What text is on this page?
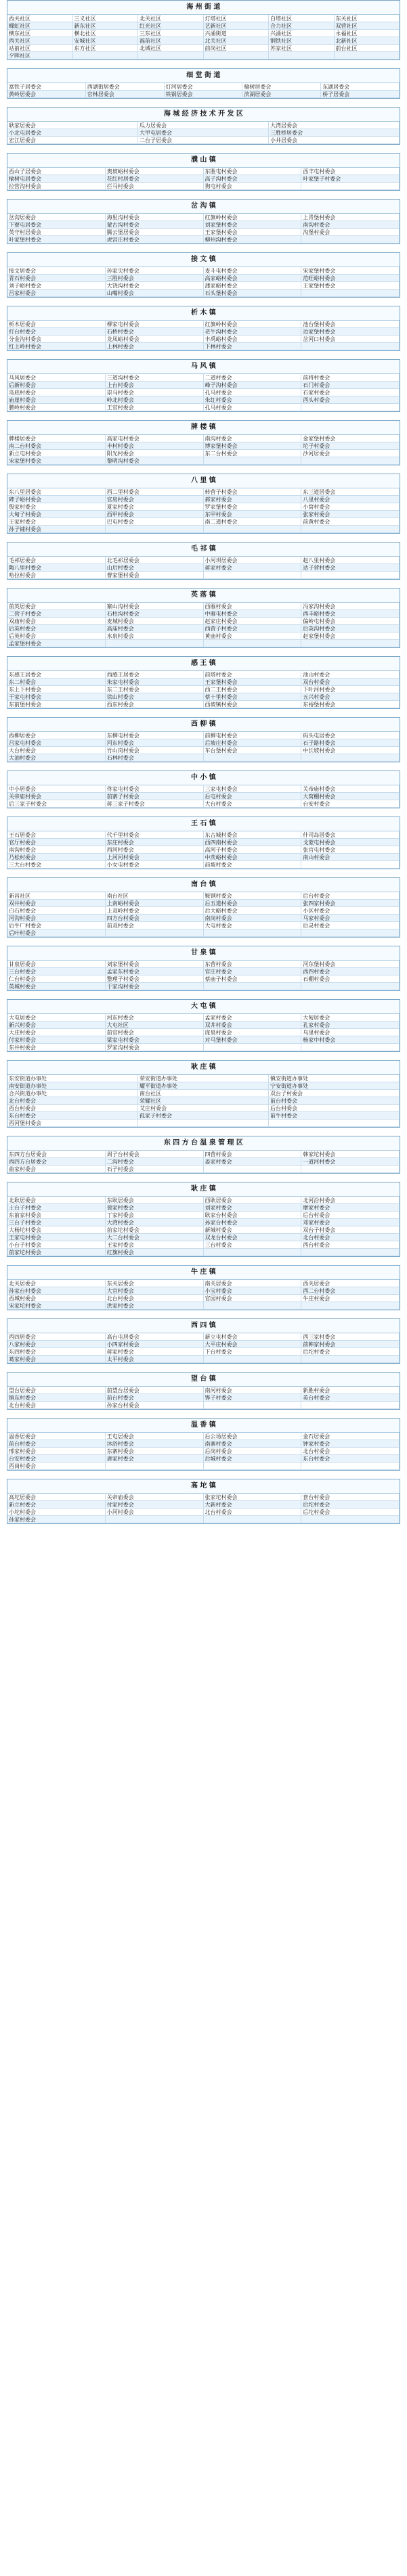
海 州 街 道
西关社区	三义社区	北关社区	灯塔社区	白塔社区	东关社区
蝶虹社区	新东社区	红光社区	艺新社区	合力社区	双营社区
横东社区	横北社区	三东社区	兴涌街道	兴涌社区	永福社区
西关社区	安城社区	福前社区	北关社区	钢铁社区	北新社区
站前社区	东方社区	北城社区	前岗社区	苏家社区	前台社区
夕晖社区
细 堂 街 道
富铁子居委会	西湖街居委会	灯河居委会	榆树居委会	东湖居委会
黄岭居委会	官林居委会	铁锅居委会	滨湖居委会	桥子居委会
海 城 经 济 技 术 开 发 区
耿家居委会	瓜力居委会	大湾居委会
小北屯居委会	大甲屯居委会	三胜桥居委会
宏江居委会	二台子居委会	小井居委会
濮 山 镇
西山子居委会	奥坡峪村委会	东胜屯村委会	西丰屯村委会
榆树屯居委会	花红村居委会	高子沟村委会	叶家堡子村委会
拉营沟村委会	拦马村委会	狗屯村委会
岔 沟 镇
岔沟居委会	海里沟村委会	红旗岭村委会	上青堡村委会
下寮屯居委会	蒙古沟村委会	刘家堡村委会	南沟村委会
英守村居委会	腾云堡居委会	王家堡村委会	沟堡村委会
叶家堡村委会	虎宫庄村委会	柳州沟村委会
接 文 镇
接文居委会	孙家尖村委会	麦斗屯村委会	宋家堡村委会
青石村委会	三胜村委会	高家峪村委会	范旺峪村委会
刘子峪村委会	大饶沟村委会	蒲家峪村委会	王家堡村委会
吕家村委会	山嘴村委会	石头堡村委会
析 木 镇
析木居委会	柳家屯村委会	红旗岭村委会	池台堡村委会
打台村委会	石桥村委会	老牛沟村委会	边家堡村委会
分金沟村委会	龙凤峪村委会	丰禹峪村委会	岔河口村委会
红土岭村委会	上林村委会	下林村委会
马 风 镇
马风居委会	三道沟村委会	二道村委会	前将村委会
后新村委会	上台村委会	峰子沟村委会	石门村委会
岛底村委会	崇马村委会	孔马村委会	石家村委会
庙崖村委会	岭北村委会	朱红村委会	西头村委会
腰岭村委会	王官村委会	孔马村委会
牌 楼 镇
牌楼居委会	高家屯村委会	南沟村委会	金家堡村委会
南二台村委会	丰村村委会	博家堡村委会	坨子村委会
新立屯村委会	阳光村委会	东二台村委会	沙河居委会
宋家堡村委会	黎明沟村委会
八 里 镇
东八里居委会	西二里村委会	转营子村委会	东三道居委会
碑子峪村委会	官房村委会	郝家村委会	八里村委会
殷家村委会	夏家村委会	罗家堡村委会	小窝村委会
大甸子村委会	西甲村委会	东甲村委会	张家村委会
王家村委会	巴屯村委会	南二道村委会	前黄村委会
孙子铺村委会
毛 祁 镇
毛祁居委会	北毛祁居委会	小河坝居委会	赵八里村委会
陶八里村委会	山后村委会	蒋家村委会	达子营村委会
哈拉村委会	曹家堡村委会
英 落 镇
前英居委会	寨山沟村委会	西雁村委会	冯家沟村委会
二营子村委会	石柱沟村委会	中雁屯村委会	西丰峪村委会
双庙村委会	麦城村委会	赵家庄村委会	偏岭屯村委会
后英村委会	高庙村委会	西营子村委会	后英沟村委会
后英村委会	水泉村委会	黄庙村委会	赵家堡村委会
孟家堡村委会
感 王 镇
东感王居委会	西感王居委会	前塔村委会	池山村委会
东二村委会	朱家屯村委会	王家堡村委会	双台村委会
东上下村委会	东二王村委会	西二王村委会	下叶河村委会
于家屯村委会	徐山村委会	蔡十里村委会	五兴村委会
东前堡村委会	西东村委会	西坡镇村委会	东裕堡村委会
西 柳 镇
西柳居委会	东柳屯村委会	前柳屯村委会	码头屯居委会
吕家屯村委会	河东村委会	后坡庄村委会	石子路村委会
大台村委会	竹山岗村委会	车台堡村委会	中长坡村委会
大油村委会	石林村委会
中 小 镇
中小居委会	佟家屯村委会	三家屯村委会	关帝庙村委会
关帝庙村委会	前寨子村委会	后屯村委会	大窝棚村委会
后三家子村委会	蒋三家子村委会	大台村委会	台安村委会
王 石 镇
王石居委会	代千里村委会	东古城村委会	什司岛居委会
官厅村委会	东庄村委会	西四南村委会	戈蒙屯村委会
南沟村委会	西河村委会	高河子村委会	张官屯村委会
乃松村委会	上河河村委会	中茨峪村委会	南山村委会
三大台村委会	小女屯村委会	前坡村委会
南 台 镇
新昌社区	南台社区	鞍钢村委会	后台村委会
双井村委会	上南峪村委会	后五道村委会	张四家村委会
白石村委会	上双岭村委会	后大峪村委会	小区村委会
河沟村委会	四方台村委会	南岗村委会	马家村委会
后牛厂村委会	前双村委会	大屯村委会	后灵村委会
后叶村委会
甘 泉 镇
甘泉居委会	刘家堡村委会	东营村委会	河东堡村委会
三台村委会	孟家东村委会	官庄村委会	西四村委会
仁台村委会	整理子村委会	蔡庙子村委会	石棚村委会
英城村委会	于家沟村委会
大 屯 镇
大屯居委会	河东村委会	孟家村委会	大甸居委会
新兴村委会	大屯社区	双井村委会	孔家村委会
大庄村委会	前官村委会	庞泉村委会	乌里村委会
付家村委会	梁家屯村委会	对马堡村委会	杨家中村委会
东井村委会	罗家沟村委会
耿 庄 镇
东安街道办事处	荣安街道办事处	镇安街道办事处
南安街道办事处	耀平街道办事处	宁安街道办事处
合兴街道办事处	南台社区	双台子村委会
北台村委会	荣耀社区	前台村委会
西台村委会	艾庄村委会	后台村委会
东台村委会	孤家子村委会	前牛村委会
西河堡村委会
东 四 方 台 温 泉 管 理 区
东四方台居委会	周子台村委会	四营村委会	韩家坨村委会
西四方台居委会	二沟村委会	姜家村委会	一道河村委会
曲家村委会	石子村委会
耿 庄 镇
北耿居委会	东耿居委会	西耿居委会	北河沿村委会
土台子村委会	裴家村委会	刘家村委会	摩家村委会
东前家村委会	丁家村委会	耿家台村委会	后台村委会
三台子村委会	大湾村委会	孙家台村委会	邓家村委会
大杨坨村委会	前家坨村委会	新城村委会	双台子村委会
王家屯村委会	大二台村委会	双龙台村委会	北台村委会
小台子村委会	王家村委会	三台村委会	西台村委会
前家坨村委会	红旗村委会
牛 庄 镇
北关居委会	东关居委会	南关居委会	西关居委会
孙家台村委会	大官村委会	小宝村委会	西二台村委会
西城村委会	北台村委会	官园村委会	牛庄村委会
宋家坨村委会	洪家村委会
西 四 镇
西四居委会	高台屯居委会	新立屯村委会	西三家村委会
八家村委会	小四家村委会	大平庄村委会	前韩家村委会
东四村委会	蒋家村委会	下台村委会	后坨村委会
葛家村委会	太平村委会
望 台 镇
望台居委会	前望台居委会	南河村委会	新胜村委会
镇东村委会	前台村委会	铧子村委会	英台村委会
北台村委会	孙家台村委会
温 香 镇
温香居委会	王屯居委会	后公场居委会	金石居委会
前台村委会	沐浴村委会	南寨村委会	钟家村委会
邢家村委会	东寨村委会	后岗村委会	北台村委会
台安村委会	唐家村委会	后城村委会	东台村委会
西岗村委会
高 坨 镇
高坨居委会	关帝庙委会	张家坨村委会	套台村委会
新立村委会	付家村委会	大新村委会	后坨村委会
小坨村委会	小河村委会	北台村委会	后坨村委会
孙家村委会
